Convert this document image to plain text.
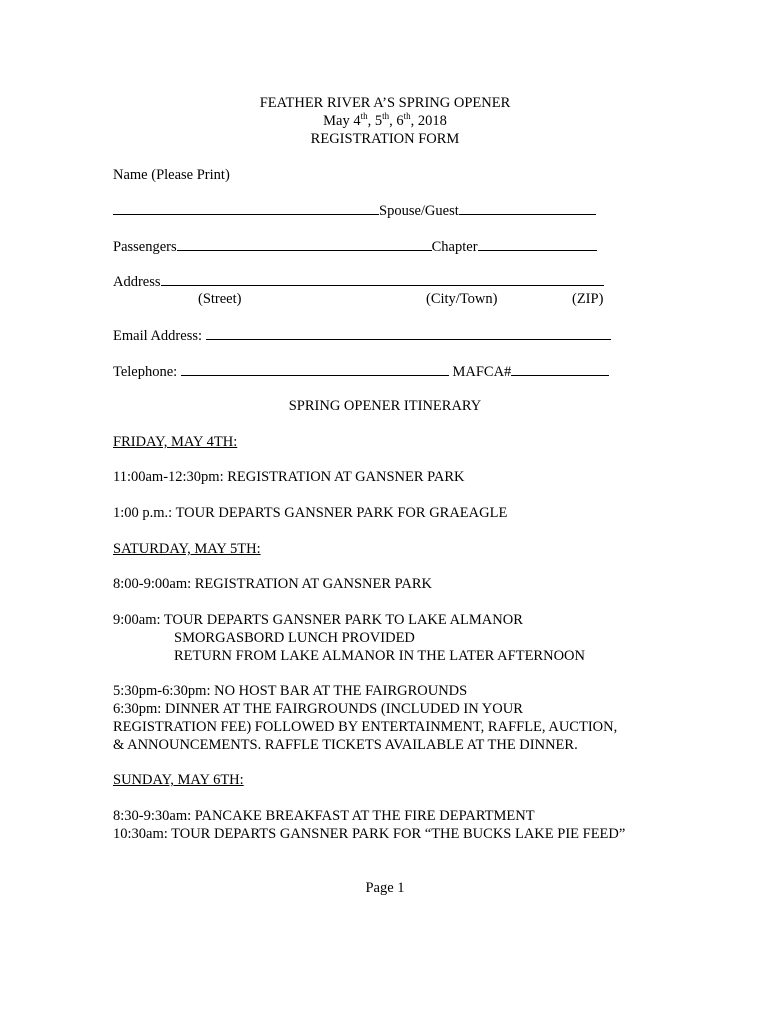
FEATHER RIVER A’S SPRING OPENER
May 4th, 5th, 6th, 2018
REGISTRATION FORM
Name (Please Print)
Spouse/Guest
Passengers	Chapter
Address
(Street)	(City/Town)	(ZIP)
Email Address:
Telephone:	MAFCA#
SPRING OPENER ITINERARY
FRIDAY, MAY 4TH:
11:00am-12:30pm: REGISTRATION AT GANSNER PARK
1:00 p.m.: TOUR DEPARTS GANSNER PARK FOR GRAEAGLE
SATURDAY, MAY 5TH:
8:00-9:00am: REGISTRATION AT GANSNER PARK
9:00am: TOUR DEPARTS GANSNER PARK TO LAKE ALMANOR
SMORGASBORD LUNCH PROVIDED
RETURN FROM LAKE ALMANOR IN THE LATER AFTERNOON
5:30pm-6:30pm: NO HOST BAR AT THE FAIRGROUNDS
6:30pm: DINNER AT THE FAIRGROUNDS (INCLUDED IN YOUR
REGISTRATION FEE) FOLLOWED BY ENTERTAINMENT, RAFFLE, AUCTION,
& ANNOUNCEMENTS. RAFFLE TICKETS AVAILABLE AT THE DINNER.
SUNDAY, MAY 6TH:
8:30-9:30am: PANCAKE BREAKFAST AT THE FIRE DEPARTMENT
10:30am: TOUR DEPARTS GANSNER PARK FOR “THE BUCKS LAKE PIE FEED”
Page 1
